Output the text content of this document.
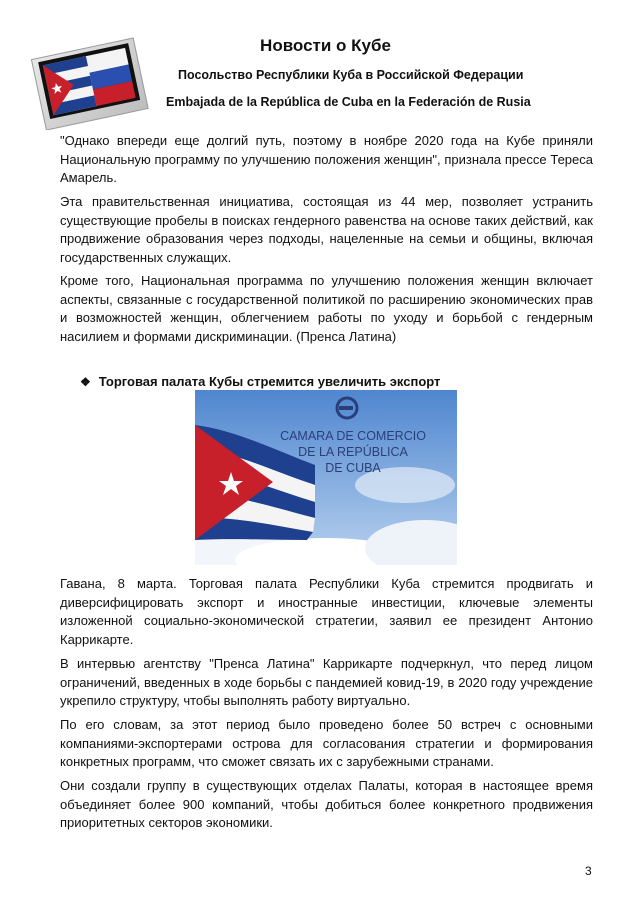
Новости о Кубе
Посольство Республики Куба в Российской Федерации
Embajada de la República de Cuba en la Federación de Rusia

"Однако впереди еще долгий путь, поэтому в ноябре 2020 года на Кубе приняли Национальную программу по улучшению положения женщин", признала прессе Тереса Амарель.

Эта правительственная инициатива, состоящая из 44 мер, позволяет устранить существующие пробелы в поисках гендерного равенства на основе таких действий, как продвижение образования через подходы, нацеленные на семьи и общины, включая государственных служащих.

Кроме того, Национальная программа по улучшению положения женщин включает аспекты, связанные с государственной политикой по расширению экономических прав и возможностей женщин, облегчением работы по уходу и борьбой с гендерным насилием и формами дискриминации. (Пренса Латина)

❖ Торговая палата Кубы стремится увеличить экспорт
CAMARA DE COMERCIO
DE LA REPÚBLICA
DE CUBA

Гавана, 8 марта. Торговая палата Республики Куба стремится продвигать и диверсифицировать экспорт и иностранные инвестиции, ключевые элементы изложенной социально-экономической стратегии, заявил ее президент Антонио Каррикарте.

В интервью агентству "Пренса Латина" Каррикарте подчеркнул, что перед лицом ограничений, введенных в ходе борьбы с пандемией ковид-19, в 2020 году учреждение укрепило структуру, чтобы выполнять работу виртуально.

По его словам, за этот период было проведено более 50 встреч с основными компаниями-экспортерами острова для согласования стратегии и формирования конкретных программ, что сможет связать их с зарубежными странами.

Они создали группу в существующих отделах Палаты, которая в настоящее время объединяет более 900 компаний, чтобы добиться более конкретного продвижения приоритетных секторов экономики.

3
